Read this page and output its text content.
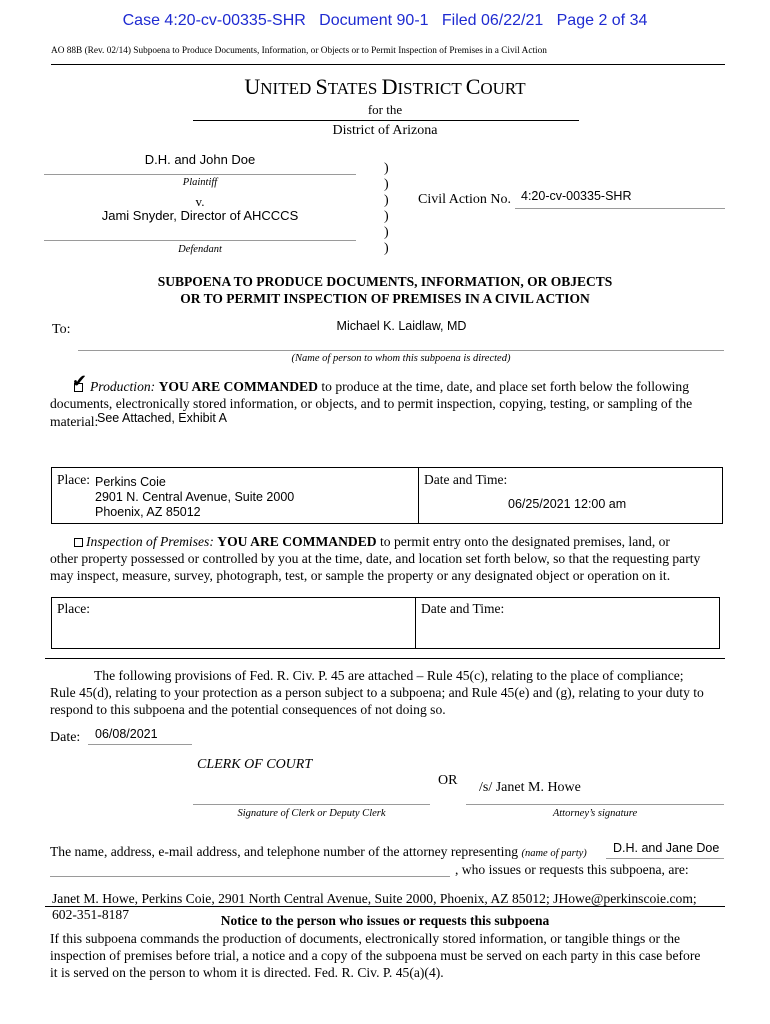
Case 4:20-cv-00335-SHR   Document 90-1   Filed 06/22/21   Page 2 of 34
AO 88B (Rev. 02/14) Subpoena to Produce Documents, Information, or Objects or to Permit Inspection of Premises in a Civil Action
UNITED STATES DISTRICT COURT
for the
District of Arizona
D.H. and John Doe
Plaintiff
v.
Jami Snyder, Director of AHCCCS
Defendant
)
)
)
)
)
)
Civil Action No. 4:20-cv-00335-SHR
SUBPOENA TO PRODUCE DOCUMENTS, INFORMATION, OR OBJECTS
OR TO PERMIT INSPECTION OF PREMISES IN A CIVIL ACTION
To:	Michael K. Laidlaw, MD
(Name of person to whom this subpoena is directed)
✔ Production: YOU ARE COMMANDED to produce at the time, date, and place set forth below the following
documents, electronically stored information, or objects, and to permit inspection, copying, testing, or sampling of the
material:
See Attached, Exhibit A
Place: Perkins Coie
2901 N. Central Avenue, Suite 2000
Phoenix, AZ 85012
Date and Time:
06/25/2021 12:00 am
Inspection of Premises: YOU ARE COMMANDED to permit entry onto the designated premises, land, or
other property possessed or controlled by you at the time, date, and location set forth below, so that the requesting party
may inspect, measure, survey, photograph, test, or sample the property or any designated object or operation on it.
Place:	Date and Time:
The following provisions of Fed. R. Civ. P. 45 are attached – Rule 45(c), relating to the place of compliance;
Rule 45(d), relating to your protection as a person subject to a subpoena; and Rule 45(e) and (g), relating to your duty to
respond to this subpoena and the potential consequences of not doing so.
Date: 06/08/2021
CLERK OF COURT
OR /s/ Janet M. Howe
Signature of Clerk or Deputy Clerk	Attorney’s signature
The name, address, e-mail address, and telephone number of the attorney representing (name of party) D.H. and Jane Doe
, who issues or requests this subpoena, are:
Janet M. Howe, Perkins Coie, 2901 North Central Avenue, Suite 2000, Phoenix, AZ 85012; JHowe@perkinscoie.com;
602-351-8187	Notice to the person who issues or requests this subpoena
If this subpoena commands the production of documents, electronically stored information, or tangible things or the
inspection of premises before trial, a notice and a copy of the subpoena must be served on each party in this case before
it is served on the person to whom it is directed. Fed. R. Civ. P. 45(a)(4).
